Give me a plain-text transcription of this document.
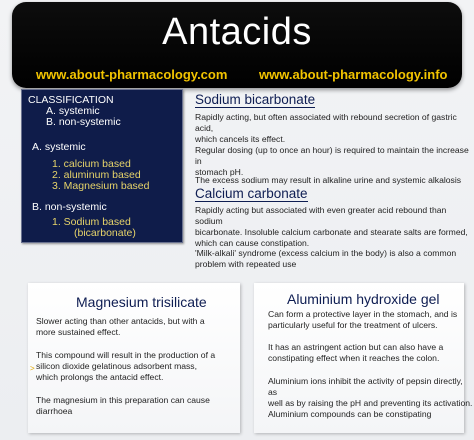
Antacids
www.about-pharmacology.com www.about-pharmacology.info
CLASSIFICATION
A. systemic
B. non-systemic
A. systemic
1. calcium based
2. aluminum based
3. Magnesium based
B. non-systemic
1. Sodium based
(bicarbonate)
Sodium bicarbonate
Rapidly acting, but often associated with rebound secretion of gastric acid,
which cancels its effect.
Regular dosing (up to once an hour) is required to maintain the increase in
stomach pH.
The excess sodium may result in alkaline urine and systemic alkalosis
Calcium carbonate
Rapidly acting but associated with even greater acid rebound than sodium
bicarbonate. Insoluble calcium carbonate and stearate salts are formed,
which can cause constipation.
'Milk-alkali' syndrome (excess calcium in the body) is also a common
problem with repeated use
Magnesium trisilicate
Slower acting than other antacids, but with a
more sustained effect.
This compound will result in the production of a
silicon dioxide gelatinous adsorbent mass,
which prolongs the antacid effect.
The magnesium in this preparation can cause
diarrhoea
>
Aluminium hydroxide gel
Can form a protective layer in the stomach, and is
particularly useful for the treatment of ulcers.
It has an astringent action but can also have a
constipating effect when it reaches the colon.
Aluminium ions inhibit the activity of pepsin directly, as
well as by raising the pH and preventing its activation.
Aluminium compounds can be constipating
